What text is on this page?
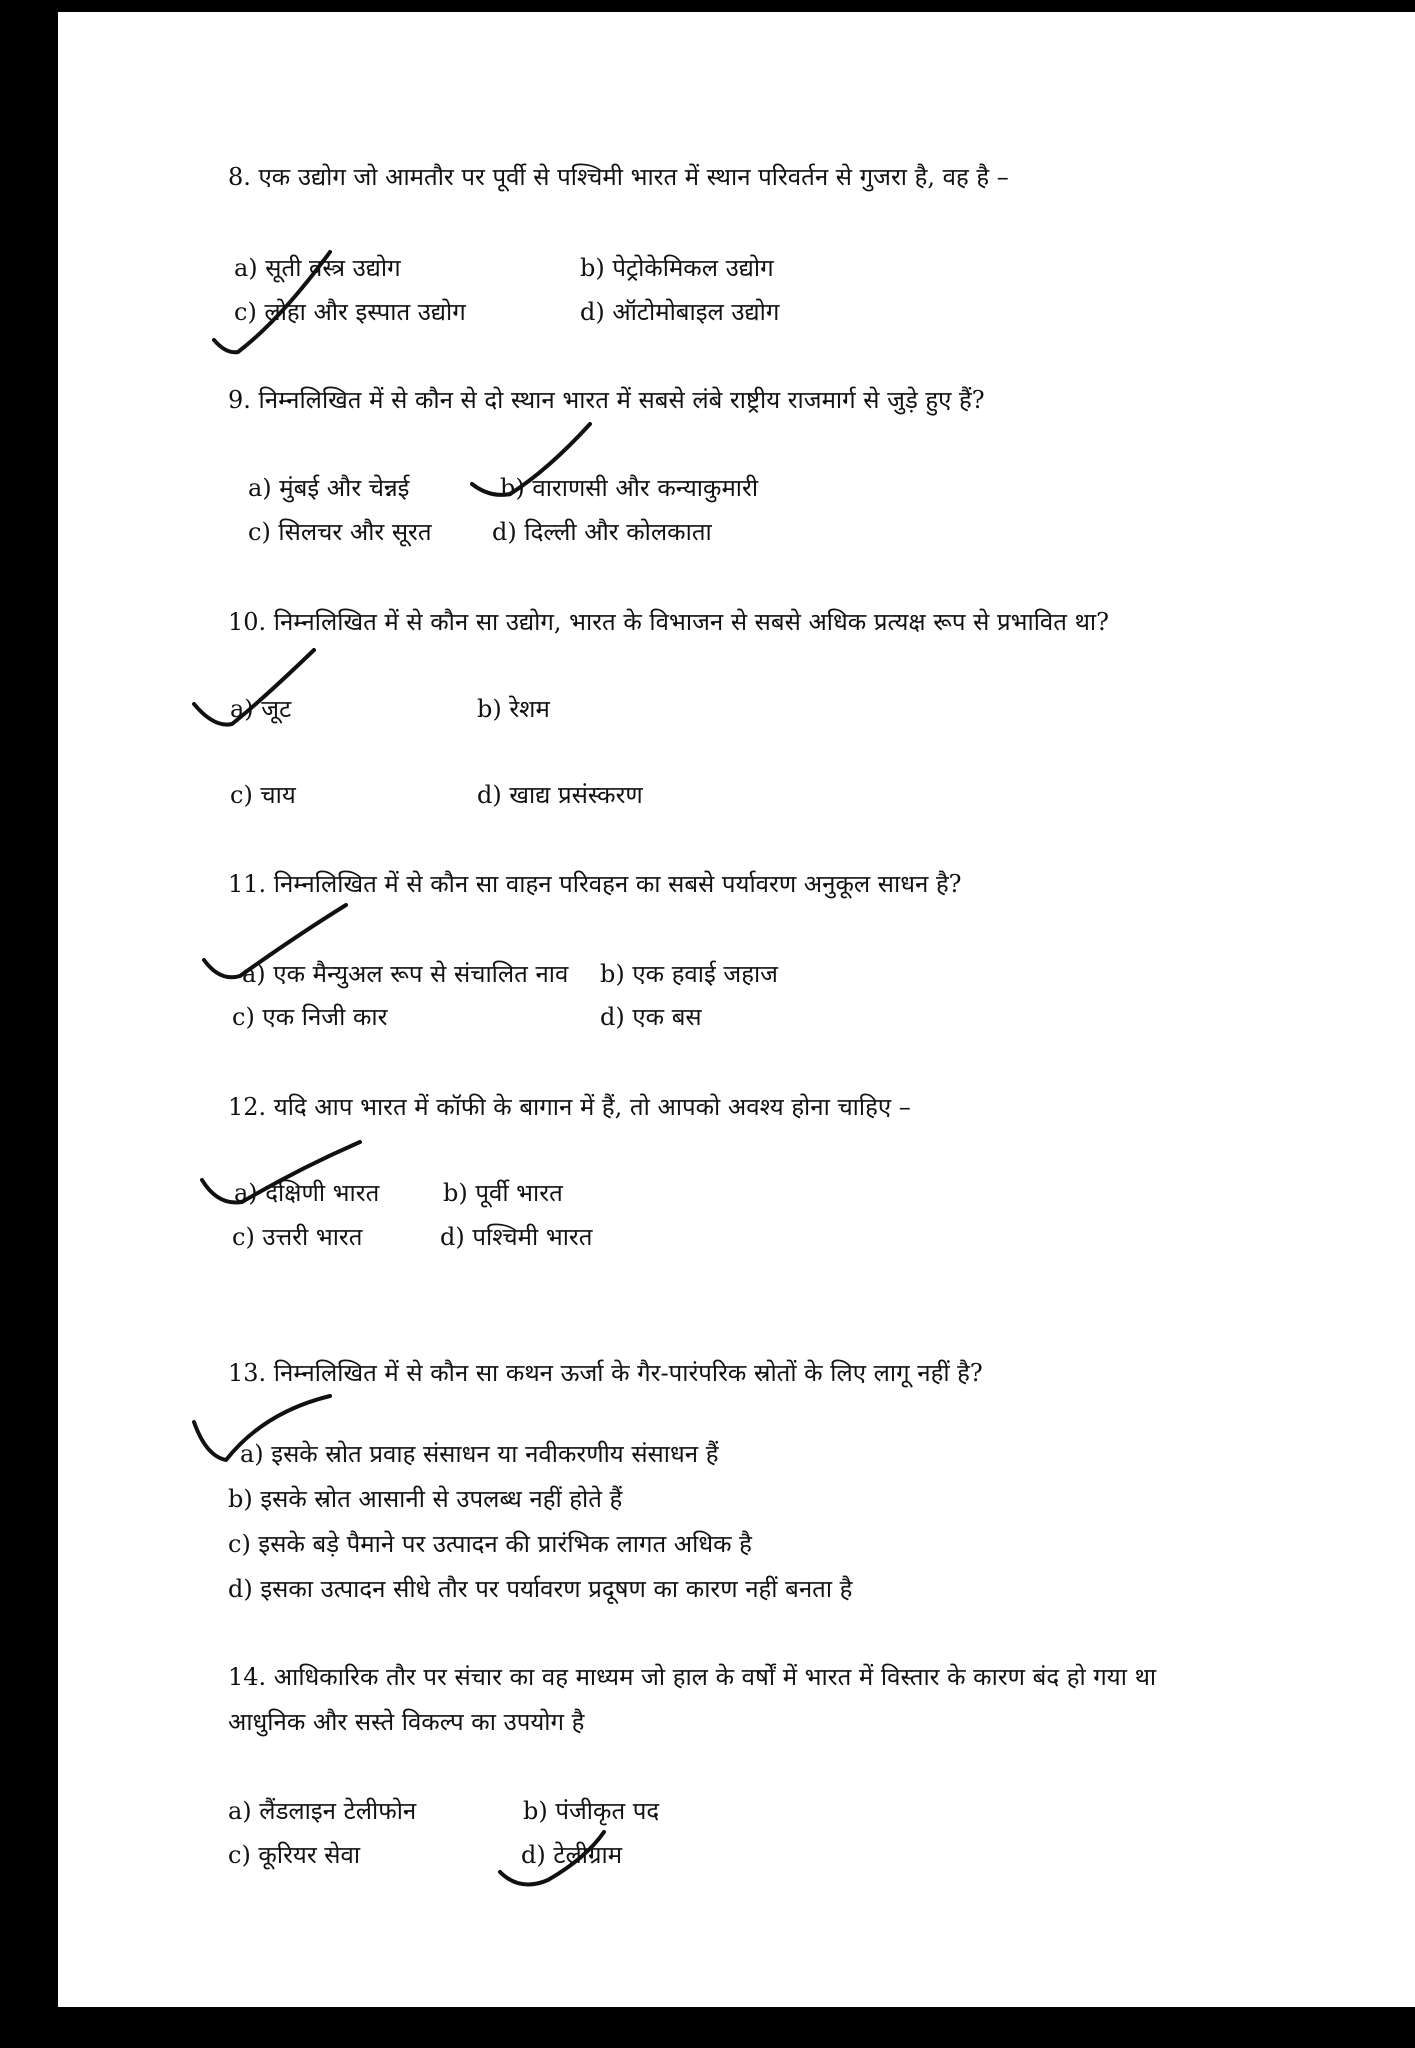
8. एक उद्योग जो आमतौर पर पूर्वी से पश्चिमी भारत में स्थान परिवर्तन से गुजरा है, वह है –
a) सूती वस्त्र उद्योग	b) पेट्रोकेमिकल उद्योग
c) लोहा और इस्पात उद्योग	d) ऑटोमोबाइल उद्योग
9. निम्नलिखित में से कौन से दो स्थान भारत में सबसे लंबे राष्ट्रीय राजमार्ग से जुड़े हुए हैं?
a) मुंबई और चेन्नई	b) वाराणसी और कन्याकुमारी
c) सिलचर और सूरत	d) दिल्ली और कोलकाता
10. निम्नलिखित में से कौन सा उद्योग, भारत के विभाजन से सबसे अधिक प्रत्यक्ष रूप से प्रभावित था?
a) जूट	b) रेशम
c) चाय	d) खाद्य प्रसंस्करण
11. निम्नलिखित में से कौन सा वाहन परिवहन का सबसे पर्यावरण अनुकूल साधन है?
a) एक मैन्युअल रूप से संचालित नाव b) एक हवाई जहाज
c) एक निजी कार	d) एक बस
12. यदि आप भारत में कॉफी के बागान में हैं, तो आपको अवश्य होना चाहिए –
a) दक्षिणी भारत	b) पूर्वी भारत
c) उत्तरी भारत	d) पश्चिमी भारत
13. निम्नलिखित में से कौन सा कथन ऊर्जा के गैर-पारंपरिक स्रोतों के लिए लागू नहीं है?
a) इसके स्रोत प्रवाह संसाधन या नवीकरणीय संसाधन हैं
b) इसके स्रोत आसानी से उपलब्ध नहीं होते हैं
c) इसके बड़े पैमाने पर उत्पादन की प्रारंभिक लागत अधिक है
d) इसका उत्पादन सीधे तौर पर पर्यावरण प्रदूषण का कारण नहीं बनता है
14. आधिकारिक तौर पर संचार का वह माध्यम जो हाल के वर्षों में भारत में विस्तार के कारण बंद हो गया था
आधुनिक और सस्ते विकल्प का उपयोग है
a) लैंडलाइन टेलीफोन	b) पंजीकृत पद
c) कूरियर सेवा	d) टेलीग्राम
